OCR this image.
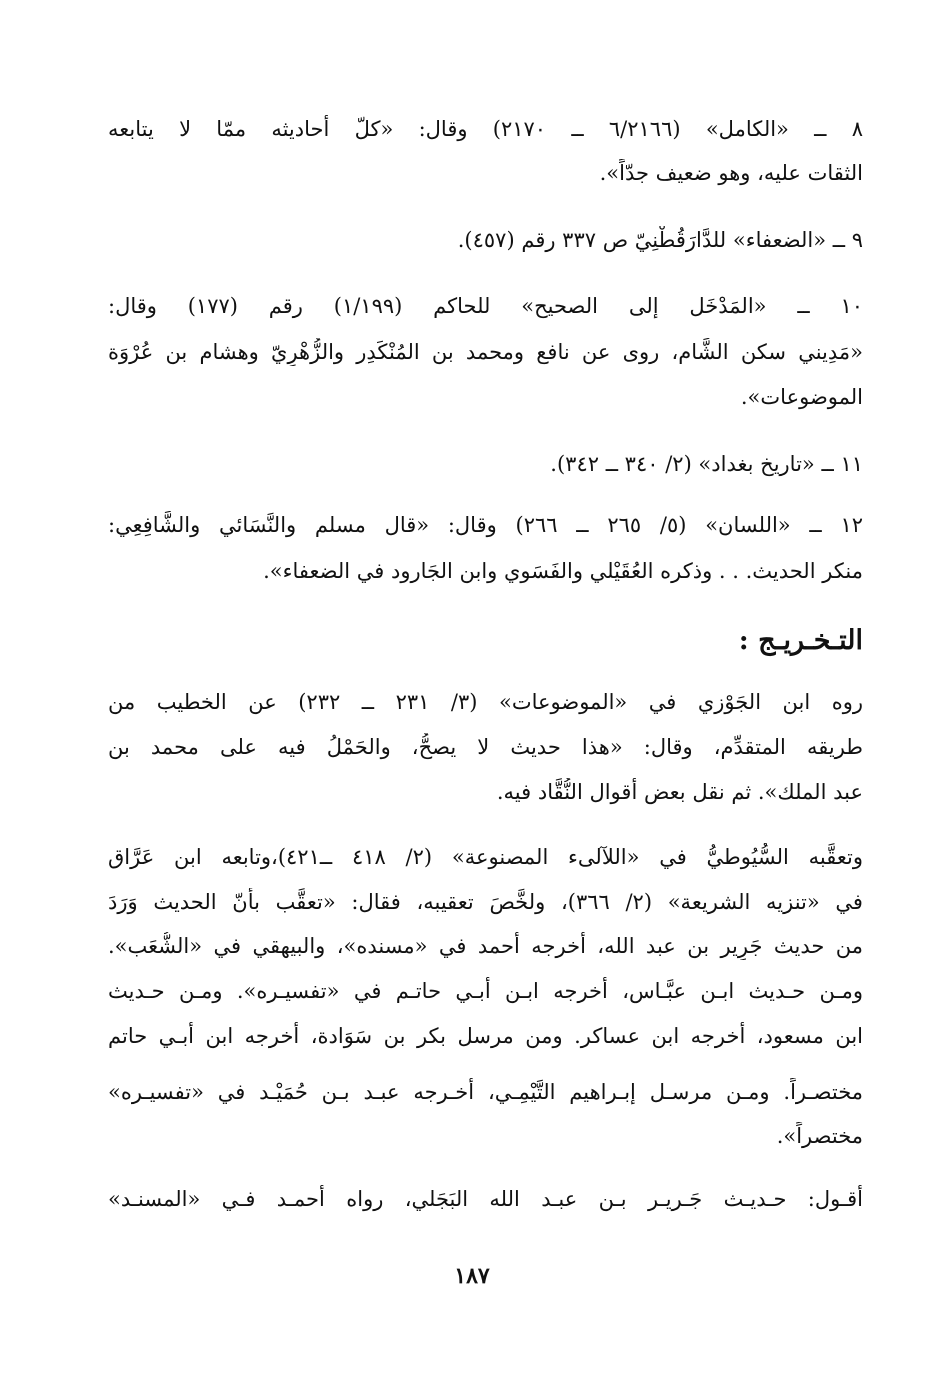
٨ ــ «الكامل» (٦/٢١٦٦ ــ ٢١٧٠) وقال: «كلّ أحاديثه ممّا لا يتابعه
الثقات عليه، وهو ضعيف جدّاً».
٩ ــ «الضعفاء» للدَّارَقُطْنِيّ ص ٣٣٧ رقم (٤٥٧).
١٠ ــ «المَدْخَل إلى الصحيح» للحاكم (١/١٩٩) رقم (١٧٧) وقال:
«مَدِيني سكن الشَّام، روى عن نافع ومحمد بن المُنْكَدِر والزُّهْرِيّ وهشام بن عُرْوَة
الموضوعات».
١١ ــ «تاريخ بغداد» (٢/ ٣٤٠ ــ ٣٤٢).
١٢ ــ «اللسان» (٥/ ٢٦٥ ــ ٢٦٦) وقال: «قال مسلم والنَّسَائي والشَّافِعِي:
منكر الحديث. . . وذكره العُقَيْلي والفَسَوي وابن الجَارود في الضعفاء».
التـخـريـج :
روه ابن الجَوْزي في «الموضوعات» (٣/ ٢٣١ ــ ٢٣٢) عن الخطيب من
طريقه المتقدِّم، وقال: «هذا حديث لا يصحُّ، والحَمْلُ فيه على محمد بن
عبد الملك». ثم نقل بعض أقوال النُّقَّاد فيه.
وتعقَّبه السُّيُوطيُّ في «اللآلىء المصنوعة» (٢/ ٤١٨ ــ٤٢١)،وتابعه ابن عَرَّاق
في «تنزيه الشريعة» (٢/ ٣٦٦)، ولخَّصَ تعقيبه، فقال: «تعقَّب بأنّ الحديث وَرَدَ
من حديث جَرِير بن عبد الله، أخرجه أحمد في «مسنده»، والبيهقي في «الشُّعَب».
ومـن حـديث ابـن عبَّـاس، أخرجه ابـن أبـي حاتـم في «تفسيـره». ومـن حـديث
ابن مسعود، أخرجه ابن عساكر. ومن مرسل بكر بن سَوَادة، أخرجه ابن أبـي حاتم
مختصـراً. ومـن مرسـل إبـراهيم التَّيْمِـي، أخـرجه عبـد بـن حُمَيْـد في «تفسيـره»
مختصراً».
أقـول: حـديـث جَـريـر بـن عبـد الله البَجَلي، رواه أحمـد فـي «المسنـد»
١٨٧
